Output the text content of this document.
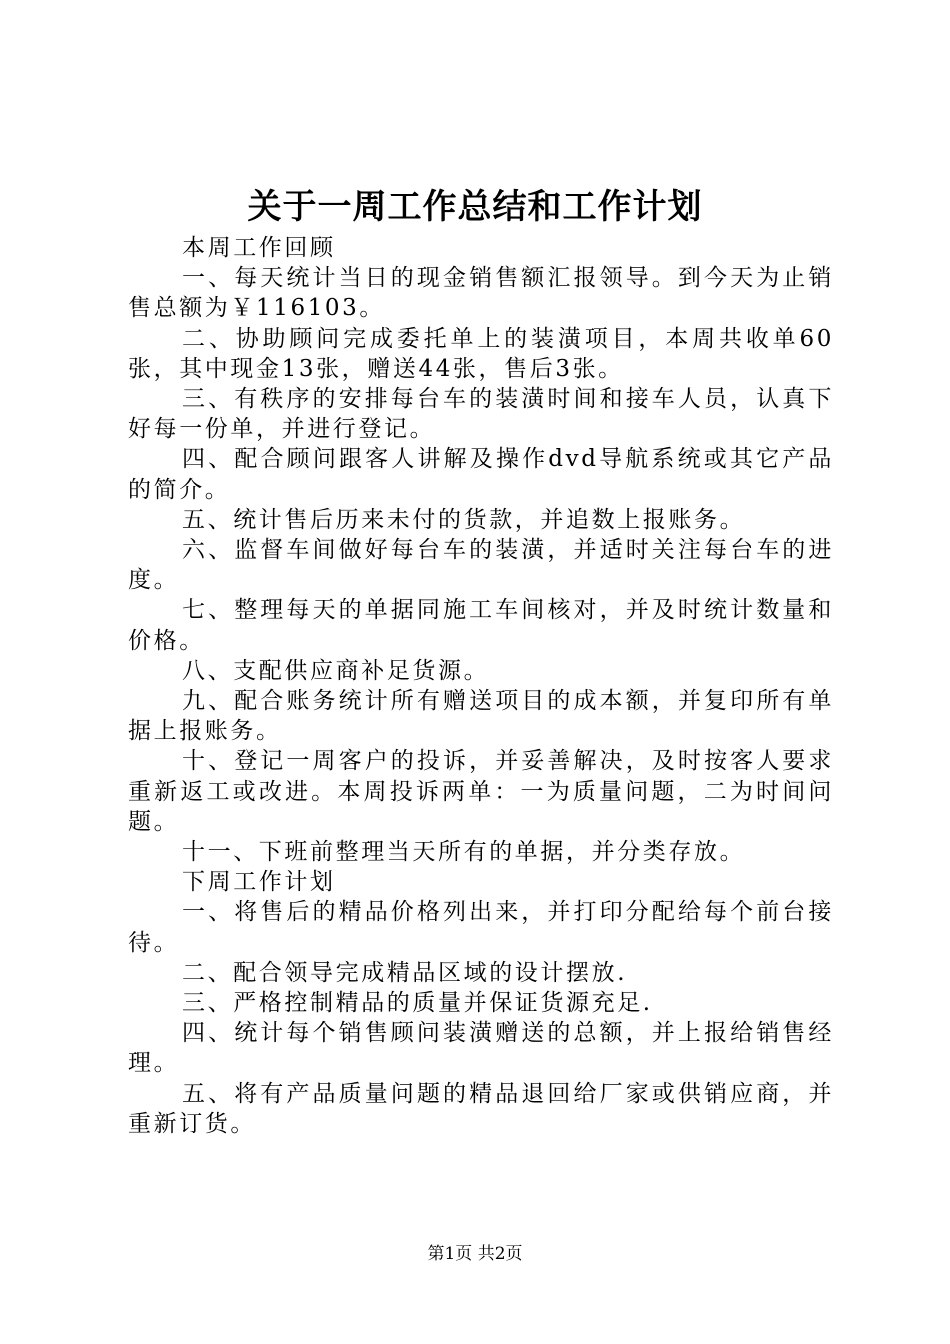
关于一周工作总结和工作计划

本周工作回顾

一、每天统计当日的现金销售额汇报领导。到今天为止销售总额为￥116103。

二、协助顾问完成委托单上的装潢项目，本周共收单60张，其中现金13张，赠送44张，售后3张。

三、有秩序的安排每台车的装潢时间和接车人员，认真下好每一份单，并进行登记。

四、配合顾问跟客人讲解及操作dvd导航系统或其它产品的简介。

五、统计售后历来未付的货款，并追数上报账务。

六、监督车间做好每台车的装潢，并适时关注每台车的进度。

七、整理每天的单据同施工车间核对，并及时统计数量和价格。

八、支配供应商补足货源。

九、配合账务统计所有赠送项目的成本额，并复印所有单据上报账务。

十、登记一周客户的投诉，并妥善解决，及时按客人要求重新返工或改进。本周投诉两单：一为质量问题，二为时间问题。

十一、下班前整理当天所有的单据，并分类存放。

下周工作计划

一、将售后的精品价格列出来，并打印分配给每个前台接待。

二、配合领导完成精品区域的设计摆放.

三、严格控制精品的质量并保证货源充足.

四、统计每个销售顾问装潢赠送的总额，并上报给销售经理。

五、将有产品质量问题的精品退回给厂家或供销应商，并重新订货。

第1页 共2页
